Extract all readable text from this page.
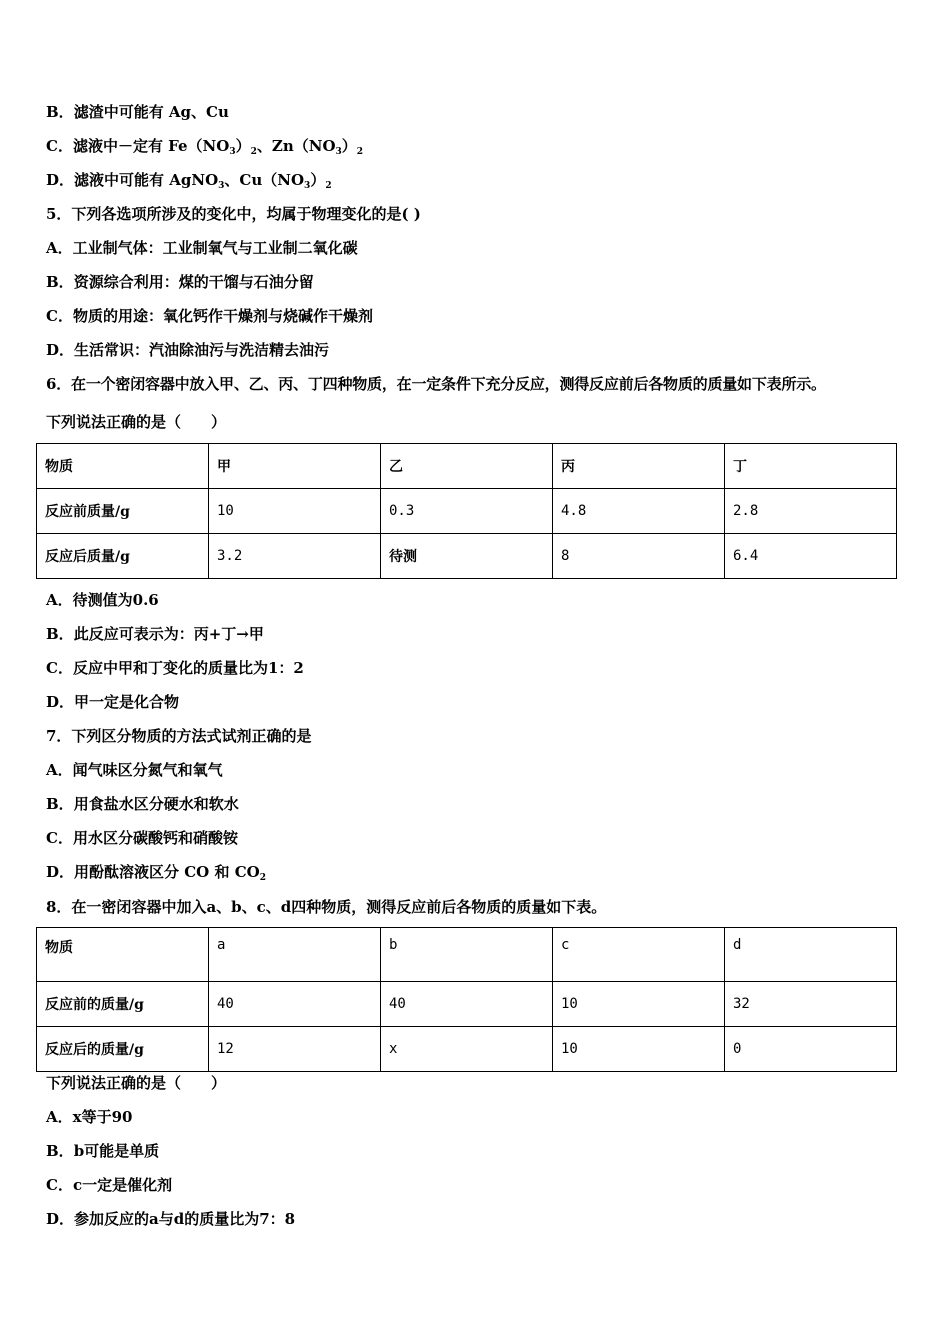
B．滤渣中可能有 Ag、Cu
C．滤液中－定有 $Fe(NO_3)_2$、$Zn(NO_3)_2$
D．滤液中可能有 AgNO$_3$、$Cu(NO_3)_2$
5．下列各选项所涉及的变化中，均属于物理变化的是( )
A．工业制气体：工业制氧气与工业制二氧化碳
B．资源综合利用：煤的干馏与石油分留
C．物质的用途：氧化钙作干燥剂与烧碱作干燥剂
D．生活常识：汽油除油污与洗洁精去油污
6．在一个密闭容器中放入甲、乙、丙、丁四种物质，在一定条件下充分反应，测得反应前后各物质的质量如下表所示。
下列说法正确的是（　　）
物质	甲	乙	丙	丁
反应前质量/g	10	0.3	4.8	2.8
反应后质量/g	3.2	待测	8	6.4
A．待测值为0.6
B．此反应可表示为：丙+丁→甲
C．反应中甲和丁变化的质量比为1：2
D．甲一定是化合物
7．下列区分物质的方法式试剂正确的是
A．闻气味区分氮气和氧气
B．用食盐水区分硬水和软水
C．用水区分碳酸钙和硝酸铵
D．用酚酞溶液区分 CO 和 $CO_2$
8．在一密闭容器中加入a、b、c、d四种物质，测得反应前后各物质的质量如下表。
物质	a	b	c	d
反应前的质量/g	40	40	10	32
反应后的质量/g	12	x	10	0
下列说法正确的是（　　）
A．x等于90
B．b可能是单质
C．c一定是催化剂
D．参加反应的a与d的质量比为7：8
